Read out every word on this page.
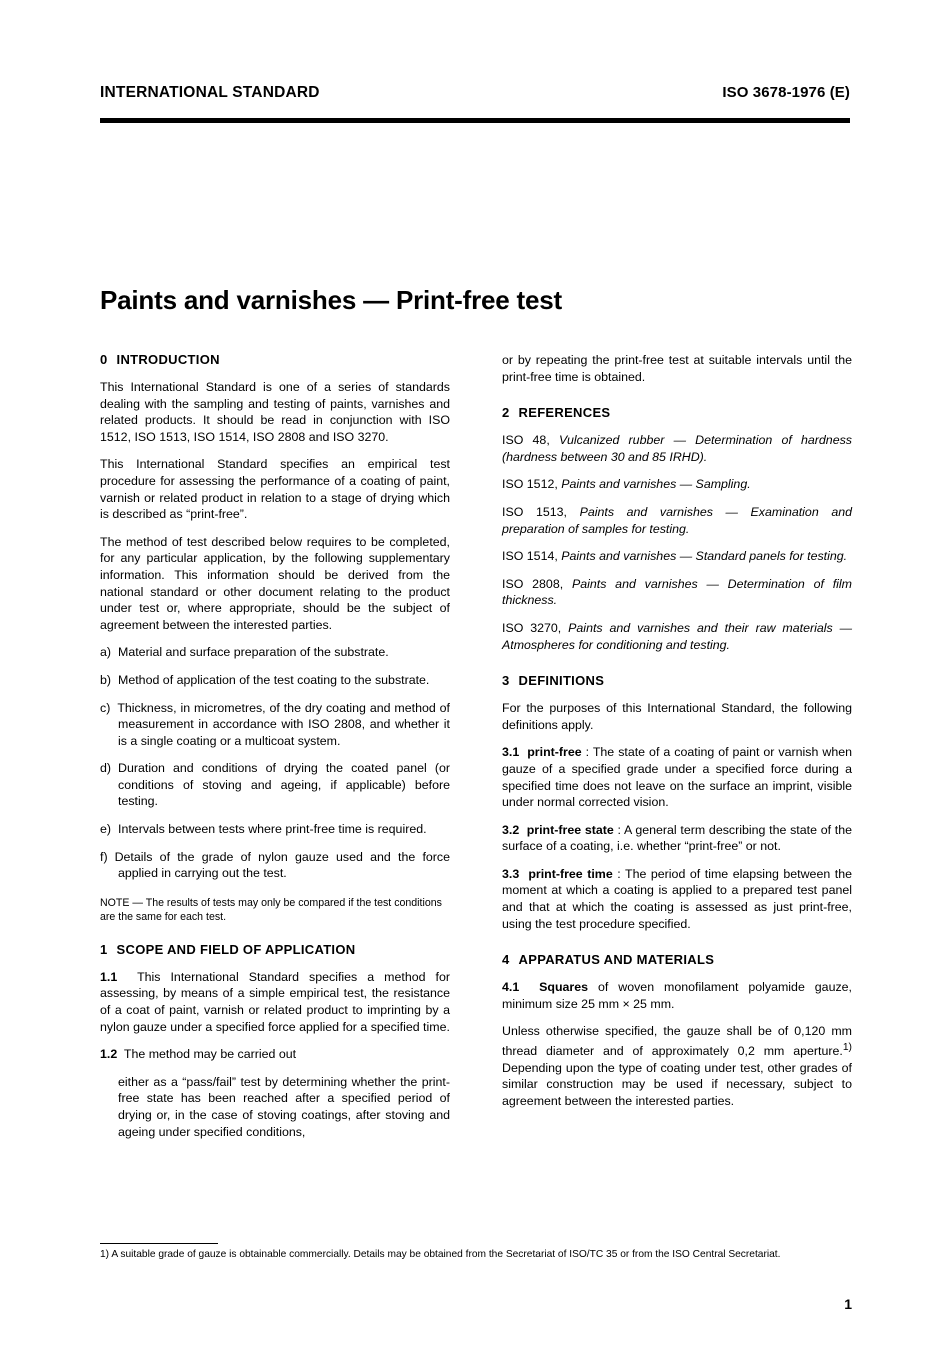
INTERNATIONAL STANDARD	ISO 3678-1976 (E)
Paints and varnishes — Print-free test
0 INTRODUCTION

This International Standard is one of a series of standards dealing with the sampling and testing of paints, varnishes and related products. It should be read in conjunction with ISO 1512, ISO 1513, ISO 1514, ISO 2808 and ISO 3270.

This International Standard specifies an empirical test procedure for assessing the performance of a coating of paint, varnish or related product in relation to a stage of drying which is described as “print-free”.

The method of test described below requires to be completed, for any particular application, by the following supplementary information. This information should be derived from the national standard or other document relating to the product under test or, where appropriate, should be the subject of agreement between the interested parties.

a) Material and surface preparation of the substrate.
b) Method of application of the test coating to the substrate.
c) Thickness, in micrometres, of the dry coating and method of measurement in accordance with ISO 2808, and whether it is a single coating or a multicoat system.
d) Duration and conditions of drying the coated panel (or conditions of stoving and ageing, if applicable) before testing.
e) Intervals between tests where print-free time is required.
f) Details of the grade of nylon gauze used and the force applied in carrying out the test.
NOTE — The results of tests may only be compared if the test conditions are the same for each test.
1 SCOPE AND FIELD OF APPLICATION

1.1 This International Standard specifies a method for assessing, by means of a simple empirical test, the resistance of a coat of paint, varnish or related product to imprinting by a nylon gauze under a specified force applied for a specified time.

1.2 The method may be carried out

either as a “pass/fail” test by determining whether the print-free state has been reached after a specified period of drying or, in the case of stoving coatings, after stoving and ageing under specified conditions,

or by repeating the print-free test at suitable intervals until the print-free time is obtained.

2 REFERENCES

ISO 48, Vulcanized rubber — Determination of hardness (hardness between 30 and 85 IRHD).

ISO 1512, Paints and varnishes — Sampling.

ISO 1513, Paints and varnishes — Examination and preparation of samples for testing.

ISO 1514, Paints and varnishes — Standard panels for testing.

ISO 2808, Paints and varnishes — Determination of film thickness.

ISO 3270, Paints and varnishes and their raw materials — Atmospheres for conditioning and testing.

3 DEFINITIONS

For the purposes of this International Standard, the following definitions apply.

3.1 print-free : The state of a coating of paint or varnish when gauze of a specified grade under a specified force during a specified time does not leave on the surface an imprint, visible under normal corrected vision.

3.2 print-free state : A general term describing the state of the surface of a coating, i.e. whether “print-free” or not.

3.3 print-free time : The period of time elapsing between the moment at which a coating is applied to a prepared test panel and that at which the coating is assessed as just print-free, using the test procedure specified.

4 APPARATUS AND MATERIALS

4.1 Squares of woven monofilament polyamide gauze, minimum size 25 mm × 25 mm.

Unless otherwise specified, the gauze shall be of 0,120 mm thread diameter and of approximately 0,2 mm aperture.$^{1)}$ Depending upon the type of coating under test, other grades of similar construction may be used if necessary, subject to agreement between the interested parties.

1) A suitable grade of gauze is obtainable commercially. Details may be obtained from the Secretariat of ISO/TC 35 or from the ISO Central Secretariat.
1
